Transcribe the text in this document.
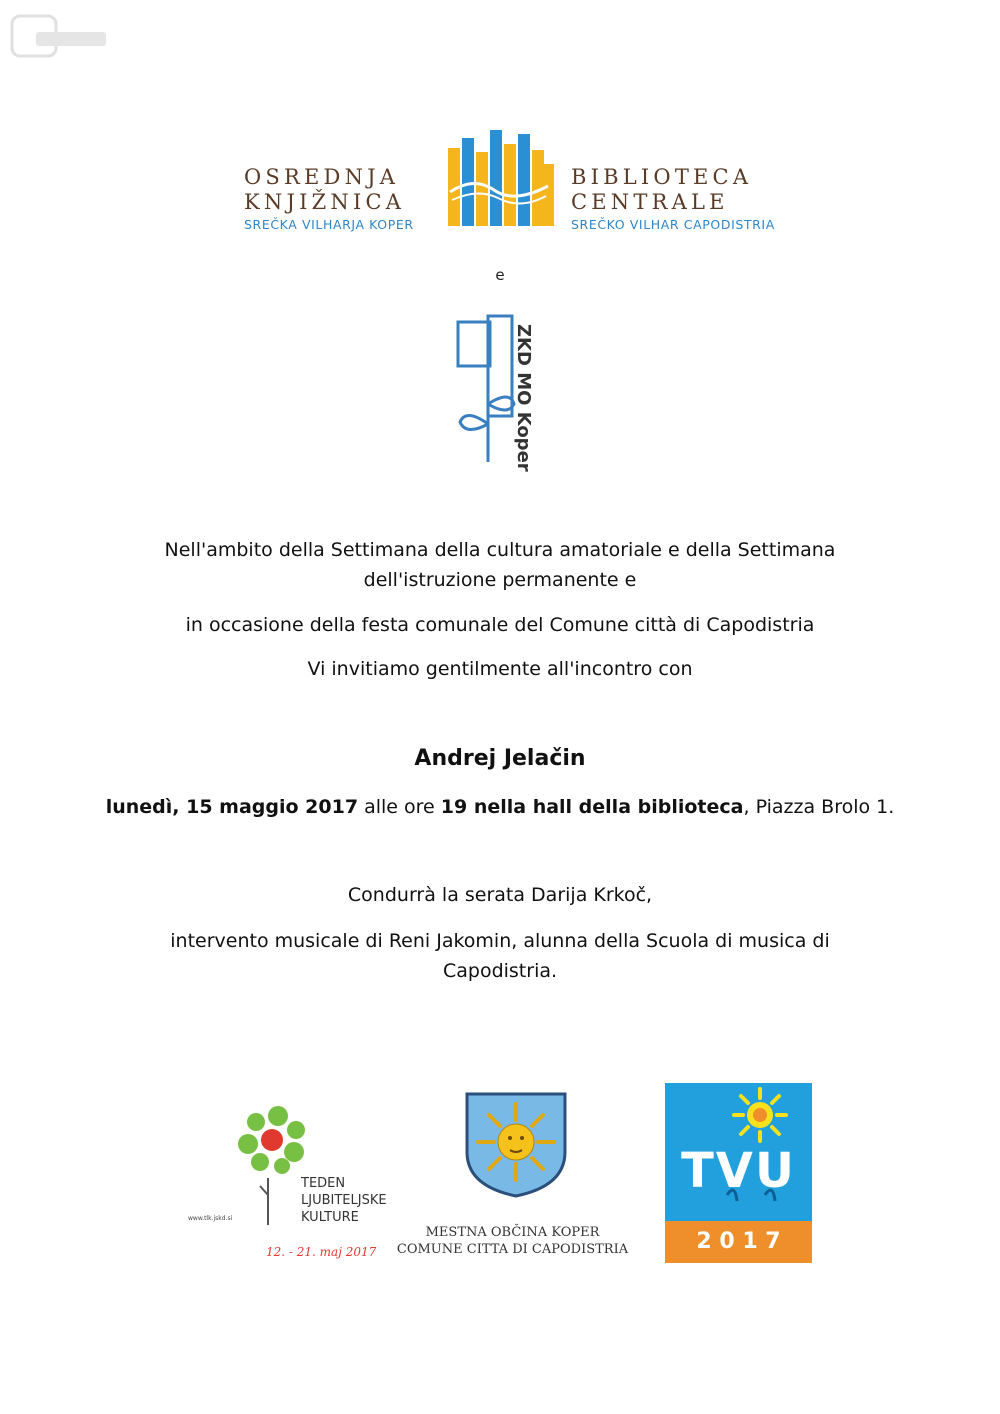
OSREDNJA
KNJIŽNICA
SREČKA VILHARJA KOPER
BIBLIOTECA
CENTRALE
SREČKO VILHAR CAPODISTRIA
e
ZKD MO Koper
Nell'ambito della Settimana della cultura amatoriale e della Settimana
dell'istruzione permanente e
in occasione della festa comunale del Comune città di Capodistria
Vi invitiamo gentilmente all'incontro con
Andrej Jelačin
lunedì, 15 maggio 2017 alle ore 19 nella hall della biblioteca, Piazza Brolo 1.
Condurrà la serata Darija Krkoč,
intervento musicale di Reni Jakomin, alunna della Scuola di musica di
Capodistria.
TEDEN
LJUBITELJSKE
KULTURE
www.tlk.jskd.si
12. - 21. maj 2017
MESTNA OBČINA KOPER
COMUNE CITTA DI CAPODISTRIA
TVU
2 0 1 7
